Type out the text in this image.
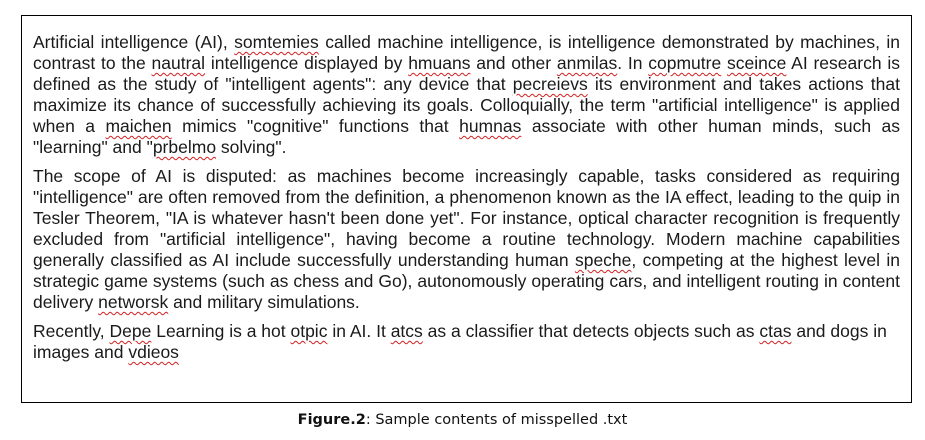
Artificial intelligence (AI), somtemies called machine intelligence, is intelligence demonstrated by machines, in contrast to the nautral intelligence displayed by hmuans and other anmilas. In copmutre sceince AI research is defined as the study of "intelligent agents": any device that pecreievs its environment and takes actions that maximize its chance of successfully achieving its goals. Colloquially, the term "artificial intelligence" is applied when a maichen mimics "cognitive" functions that humnas associate with other human minds, such as "learning" and "prbelmo solving".

The scope of AI is disputed: as machines become increasingly capable, tasks considered as requiring "intelligence" are often removed from the definition, a phenomenon known as the IA effect, leading to the quip in Tesler Theorem, "IA is whatever hasn't been done yet". For instance, optical character recognition is frequently excluded from "artificial intelligence", having become a routine technology. Modern machine capabilities generally classified as AI include successfully understanding human speche, competing at the highest level in strategic game systems (such as chess and Go), autonomously operating cars, and intelligent routing in content delivery networsk and military simulations.

Recently, Depe Learning is a hot otpic in AI. It atcs as a classifier that detects objects such as ctas and dogs in images and vdieos

Figure.2: Sample contents of misspelled .txt
